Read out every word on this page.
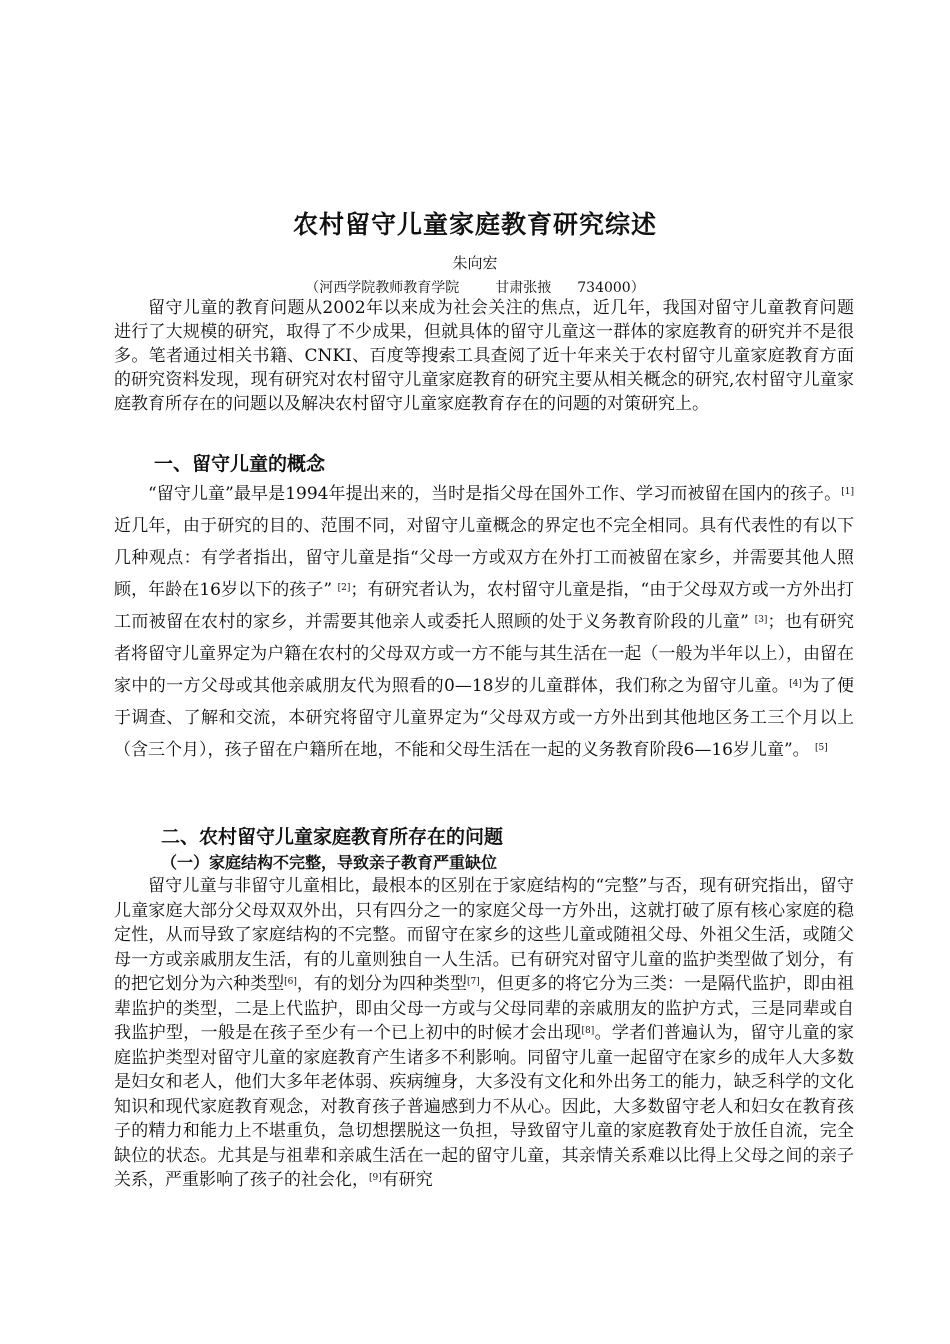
农村留守儿童家庭教育研究综述
朱向宏
（河西学院教师教育学院	甘肃张掖 734000）

留守儿童的教育问题从2002年以来成为社会关注的焦点，近几年，我国对留守儿童教育问题进行了大规模的研究，取得了不少成果，但就具体的留守儿童这一群体的家庭教育的研究并不是很多。笔者通过相关书籍、CNKI、百度等搜索工具查阅了近十年来关于农村留守儿童家庭教育方面的研究资料发现，现有研究对农村留守儿童家庭教育的研究主要从相关概念的研究,农村留守儿童家庭教育所存在的问题以及解决农村留守儿童家庭教育存在的问题的对策研究上。

一、留守儿童的概念

“留守儿童”最早是1994年提出来的，当时是指父母在国外工作、学习而被留在国内的孩子。[1]近几年，由于研究的目的、范围不同，对留守儿童概念的界定也不完全相同。具有代表性的有以下几种观点：有学者指出，留守儿童是指“父母一方或双方在外打工而被留在家乡，并需要其他人照顾，年龄在16岁以下的孩子” [2]；有研究者认为，农村留守儿童是指，“由于父母双方或一方外出打工而被留在农村的家乡，并需要其他亲人或委托人照顾的处于义务教育阶段的儿童” [3]；也有研究者将留守儿童界定为户籍在农村的父母双方或一方不能与其生活在一起（一般为半年以上），由留在家中的一方父母或其他亲戚朋友代为照看的0—18岁的儿童群体，我们称之为留守儿童。[4]为了便于调查、了解和交流，本研究将留守儿童界定为“父母双方或一方外出到其他地区务工三个月以上（含三个月），孩子留在户籍所在地，不能和父母生活在一起的义务教育阶段6—16岁儿童”。 [5]

二、农村留守儿童家庭教育所存在的问题
（一）家庭结构不完整，导致亲子教育严重缺位

留守儿童与非留守儿童相比，最根本的区别在于家庭结构的“完整”与否，现有研究指出，留守儿童家庭大部分父母双双外出，只有四分之一的家庭父母一方外出，这就打破了原有核心家庭的稳定性，从而导致了家庭结构的不完整。而留守在家乡的这些儿童或随祖父母、外祖父生活，或随父母一方或亲戚朋友生活，有的儿童则独自一人生活。已有研究对留守儿童的监护类型做了划分，有的把它划分为六种类型[6]，有的划分为四种类型[7]，但更多的将它分为三类：一是隔代监护，即由祖辈监护的类型，二是上代监护，即由父母一方或与父母同辈的亲戚朋友的监护方式，三是同辈或自我监护型，一般是在孩子至少有一个已上初中的时候才会出现[8]。学者们普遍认为，留守儿童的家庭监护类型对留守儿童的家庭教育产生诸多不利影响。同留守儿童一起留守在家乡的成年人大多数是妇女和老人，他们大多年老体弱、疾病缠身，大多没有文化和外出务工的能力，缺乏科学的文化知识和现代家庭教育观念，对教育孩子普遍感到力不从心。因此，大多数留守老人和妇女在教育孩子的精力和能力上不堪重负，急切想摆脱这一负担，导致留守儿童的家庭教育处于放任自流，完全缺位的状态。尤其是与祖辈和亲戚生活在一起的留守儿童，其亲情关系难以比得上父母之间的亲子关系，严重影响了孩子的社会化，[9]有研究
